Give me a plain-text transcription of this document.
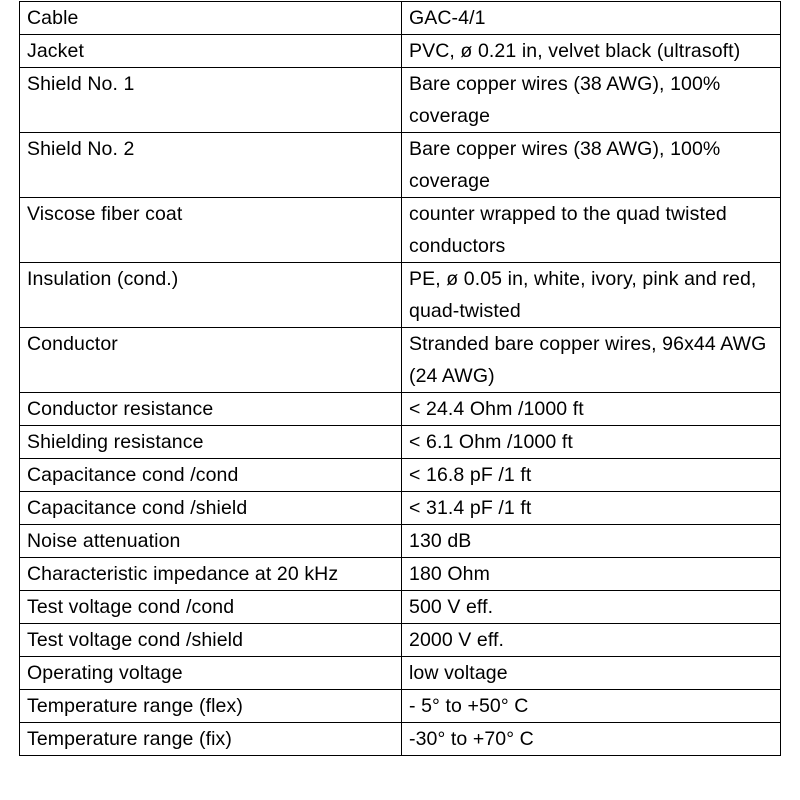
Cable	GAC-4/1
Jacket	PVC, ø 0.21 in, velvet black (ultrasoft)
Shield No. 1	Bare copper wires (38 AWG), 100% coverage
Shield No. 2	Bare copper wires (38 AWG), 100% coverage
Viscose fiber coat	counter wrapped to the quad twisted conductors
Insulation (cond.)	PE, ø 0.05 in, white, ivory, pink and red, quad-twisted
Conductor	Stranded bare copper wires, 96x44 AWG (24 AWG)
Conductor resistance	< 24.4 Ohm /1000 ft
Shielding resistance	< 6.1 Ohm /1000 ft
Capacitance cond /cond	< 16.8 pF /1 ft
Capacitance cond /shield	< 31.4 pF /1 ft
Noise attenuation	130 dB
Characteristic impedance at 20 kHz	180 Ohm
Test voltage cond /cond	500 V eff.
Test voltage cond /shield	2000 V eff.
Operating voltage	low voltage
Temperature range (flex)	- 5° to +50° C
Temperature range (fix)	-30° to +70° C
